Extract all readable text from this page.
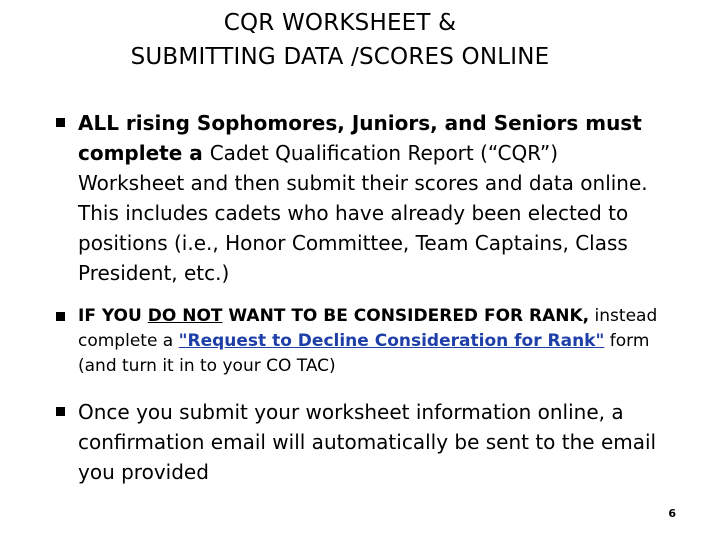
CQR WORKSHEET &
SUBMITTING DATA /SCORES ONLINE
ALL rising Sophomores, Juniors, and Seniors must complete a Cadet Qualification Report (“CQR”) Worksheet and then submit their scores and data online. This includes cadets who have already been elected to positions (i.e., Honor Committee, Team Captains, Class President, etc.)
IF YOU DO NOT WANT TO BE CONSIDERED FOR RANK, instead complete a "Request to Decline Consideration for Rank" form (and turn it in to your CO TAC)
Once you submit your worksheet information online, a confirmation email will automatically be sent to the email you provided
6
